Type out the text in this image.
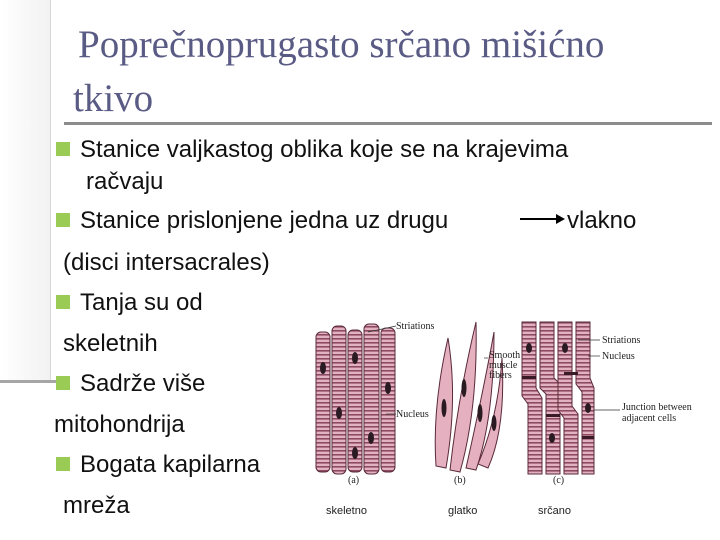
Poprečnoprugasto srčano mišićno
tkivo
Stanice valjkastog oblika koje se na krajevima
račvaju
Stanice prislonjene jedna uz drugu	vlakno
(disci intersacrales)
Tanja su od
skeletnih
Sadrže više
mitohondrija
Bogata kapilarna
mreža
Striations
Nucleus
(a)
Smooth muscle fibers
(b)
Striations
Nucleus
Junction between adjacent cells
(c)
skeletno	glatko	srčano
